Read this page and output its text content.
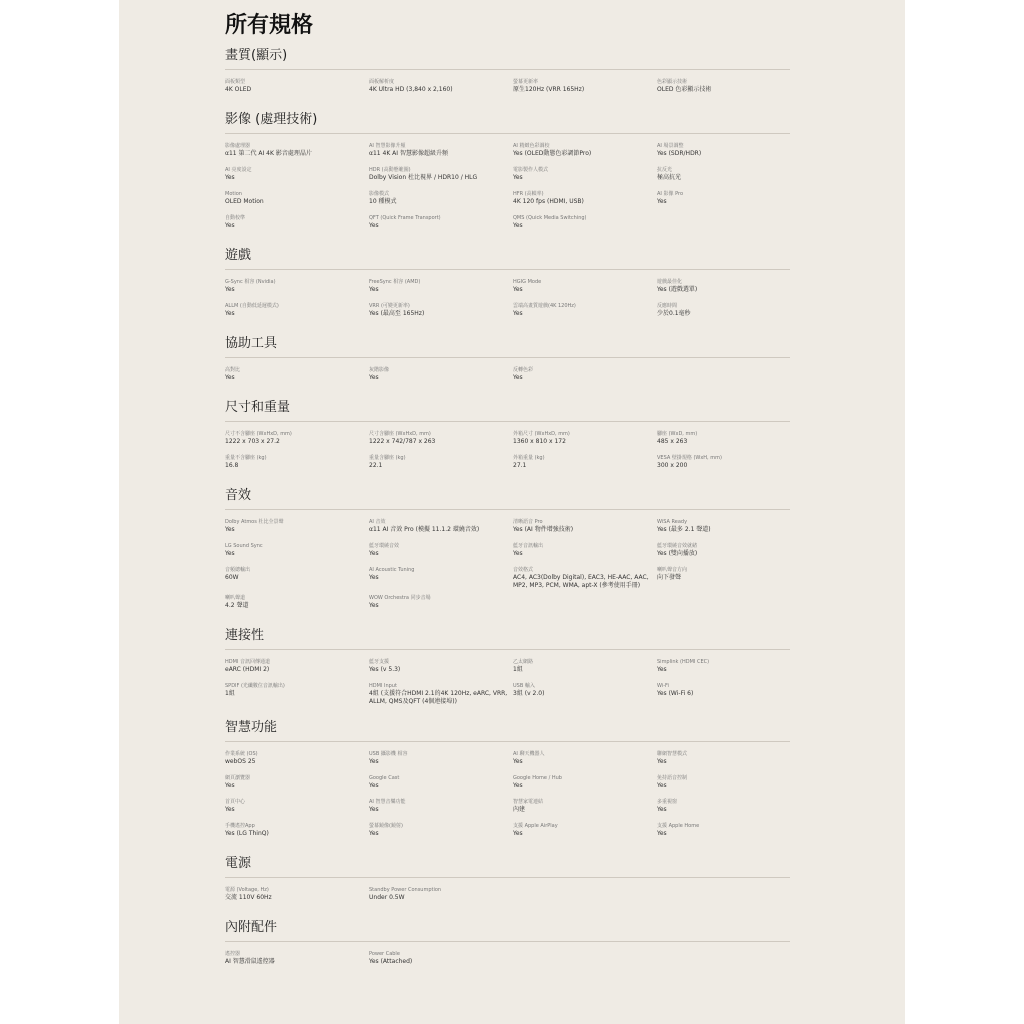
所有規格
畫質(顯示)
面板類型
4K OLED
面板解析度
4K Ultra HD (3,840 x 2,160)
螢幕更新率
原生120Hz (VRR 165Hz)
色彩顯示技術
OLED 色彩顯示技術
影像 (處理技術)
影像處理器
α11 第二代 AI 4K 影音處理晶片
AI 智慧影像升頻
α11 4K AI 智慧影像超級升頻
AI 精緻色彩調校
Yes (OLED動態色彩調節Pro)
AI 場景調整
Yes (SDR/HDR)
AI 亮度設定
Yes
HDR (高動態範圍)
Dolby Vision 杜比視界 / HDR10 / HLG
電影製作人模式
Yes
抗反光
極高抗光
Motion
OLED Motion
影像模式
10 種模式
HFR (高幀率)
4K 120 fps (HDMI, USB)
AI 影像 Pro
Yes
自動校準
Yes
QFT (Quick Frame Transport)
Yes
QMS (Quick Media Switching)
Yes
遊戲
G-Sync 相容 (Nvidia)
Yes
FreeSync 相容 (AMD)
Yes
HGIG Mode
Yes
遊戲最佳化
Yes (遊戲選單)
ALLM (自動低延遲模式)
Yes
VRR (可變更新率)
Yes (最高至 165Hz)
雲端高畫質遊戲(4K 120Hz)
Yes
反應時間
少於0.1毫秒
協助工具
高對比
Yes
灰階影像
Yes
反轉色彩
Yes
尺寸和重量
尺寸不含腳座 (WxHxD, mm)
1222 x 703 x 27.2
尺寸含腳座 (WxHxD, mm)
1222 x 742/787 x 263
外箱尺寸 (WxHxD, mm)
1360 x 810 x 172
腳座 (WxD, mm)
485 x 263
重量不含腳座 (kg)
16.8
重量含腳座 (kg)
22.1
外箱重量 (kg)
27.1
VESA 壁掛規格 (WxH, mm)
300 x 200
音效
Dolby Atmos 杜比全景聲
Yes
AI 音效
α11 AI 音效 Pro (模擬 11.1.2 環繞音效)
清晰語音 Pro
Yes (AI 物件增強技術)
WiSA Ready
Yes (最多 2.1 聲道)
LG Sound Sync
Yes
藍牙環繞音效
Yes
藍牙音訊輸出
Yes
藍牙環繞音效就緒
Yes (雙向播放)
音頻總輸出
60W
AI Acoustic Tuning
Yes
音效格式
AC4, AC3(Dolby Digital), EAC3, HE-AAC, AAC, MP2, MP3, PCM, WMA, apt-X (參考使用手冊)
喇叭聲音方向
向下發聲
喇叭聲道
4.2 聲道
WOW Orchestra 同步音場
Yes
連接性
HDMI 音訊回傳通道
eARC (HDMI 2)
藍牙支援
Yes (v 5.3)
乙太網路
1組
Simplink (HDMI CEC)
Yes
SPDIF (光纖數位音訊輸出)
1組
HDMI Input
4組 (支援符合HDMI 2.1的4K 120Hz, eARC, VRR, ALLM, QMS及QFT (4個連接埠))
USB 輸入
3組 (v 2.0)
Wi-Fi
Yes (Wi-Fi 6)
智慧功能
作業系統 (OS)
webOS 25
USB 攝影機 相容
Yes
AI 聊天機器人
Yes
聯網智慧模式
Yes
網頁瀏覽器
Yes
Google Cast
Yes
Google Home / Hub
Yes
免持語音控制
Yes
首頁中心
Yes
AI 智慧音樂功能
Yes
智慧家電連結
內建
多重視窗
Yes
手機遙控App
Yes (LG ThinQ)
螢幕鏡像(鏡射)
Yes
支援 Apple AirPlay
Yes
支援 Apple Home
Yes
電源
電源 (Voltage, Hz)
交流 110V 60Hz
Standby Power Consumption
Under 0.5W
內附配件
遙控器
AI 智慧滑鼠遙控器
Power Cable
Yes (Attached)
